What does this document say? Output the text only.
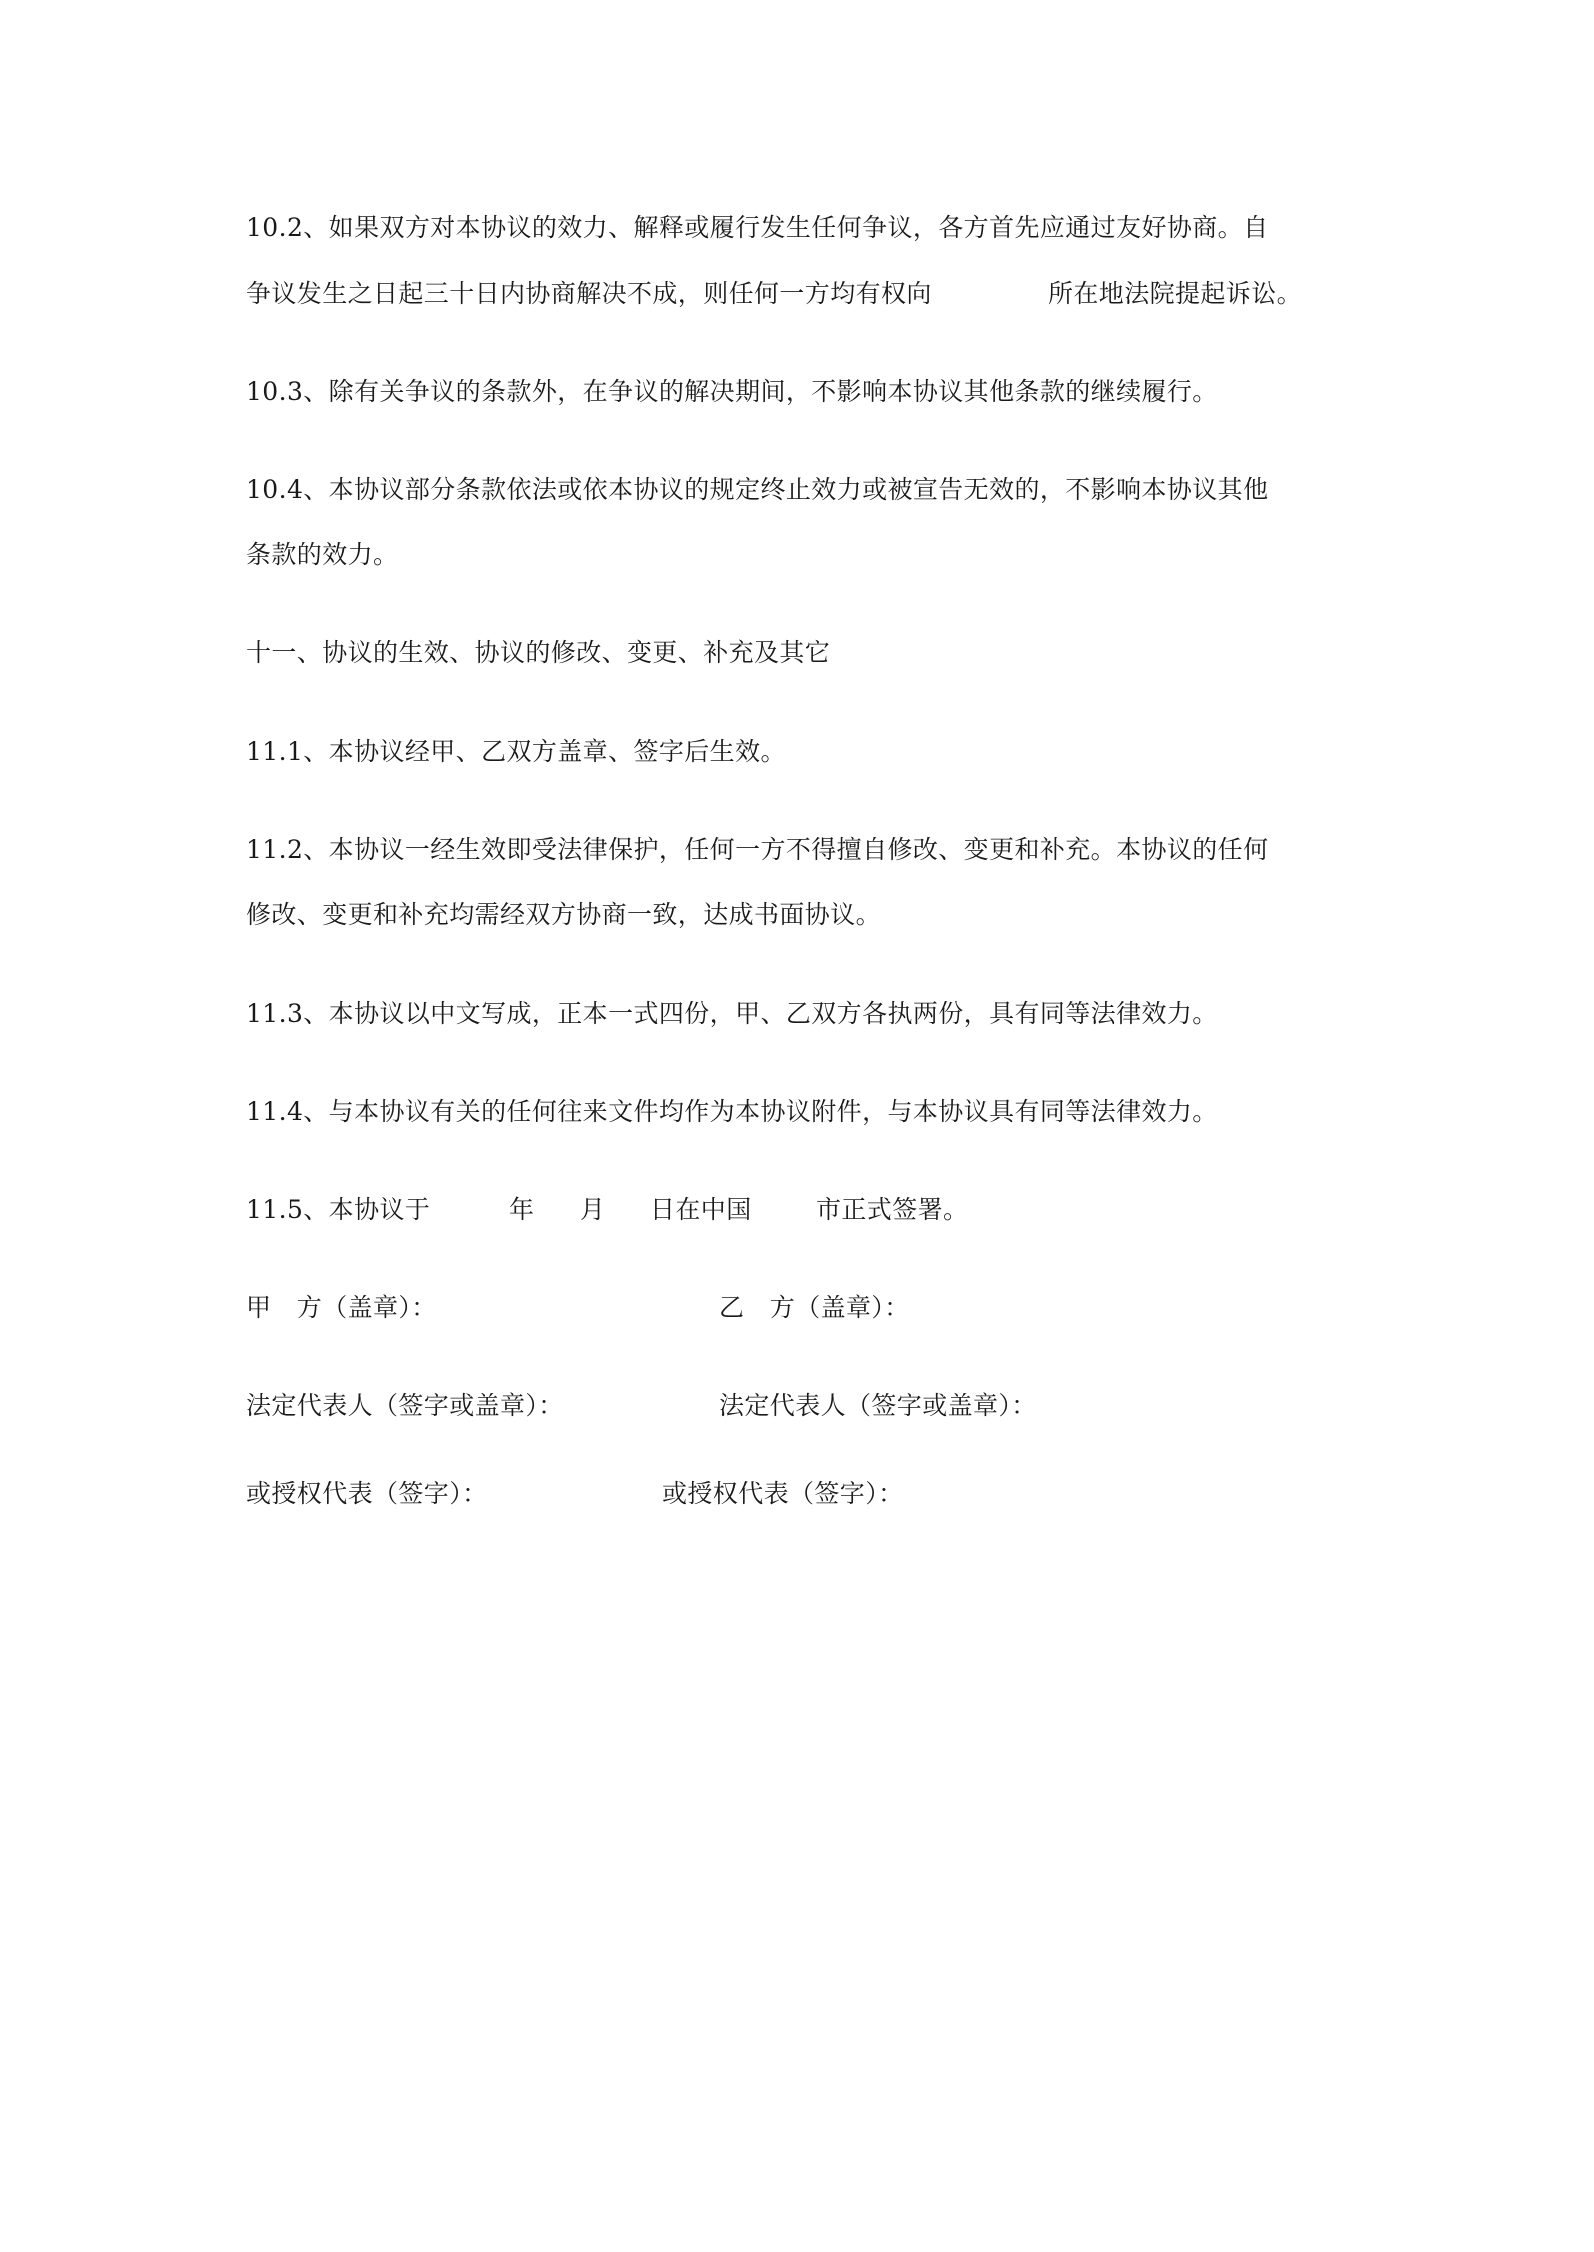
10.2、如果双方对本协议的效力、解释或履行发生任何争议，各方首先应通过友好协商。自
争议发生之日起三十日内协商解决不成，则任何一方均有权向	所在地法院提起诉讼。
10.3、除有关争议的条款外，在争议的解决期间，不影响本协议其他条款的继续履行。
10.4、本协议部分条款依法或依本协议的规定终止效力或被宣告无效的，不影响本协议其他
条款的效力。
十一、协议的生效、协议的修改、变更、补充及其它
11.1、本协议经甲、乙双方盖章、签字后生效。
11.2、本协议一经生效即受法律保护，任何一方不得擅自修改、变更和补充。本协议的任何
修改、变更和补充均需经双方协商一致，达成书面协议。
11.3、本协议以中文写成，正本一式四份，甲、乙双方各执两份，具有同等法律效力。
11.4、与本协议有关的任何往来文件均作为本协议附件，与本协议具有同等法律效力。
11.5、本协议于	年 月 日在中国	市正式签署。
甲　方（盖章）：	乙　方（盖章）：
法定代表人（签字或盖章）：	法定代表人（签字或盖章）：
或授权代表（签字）：	或授权代表（签字）：
